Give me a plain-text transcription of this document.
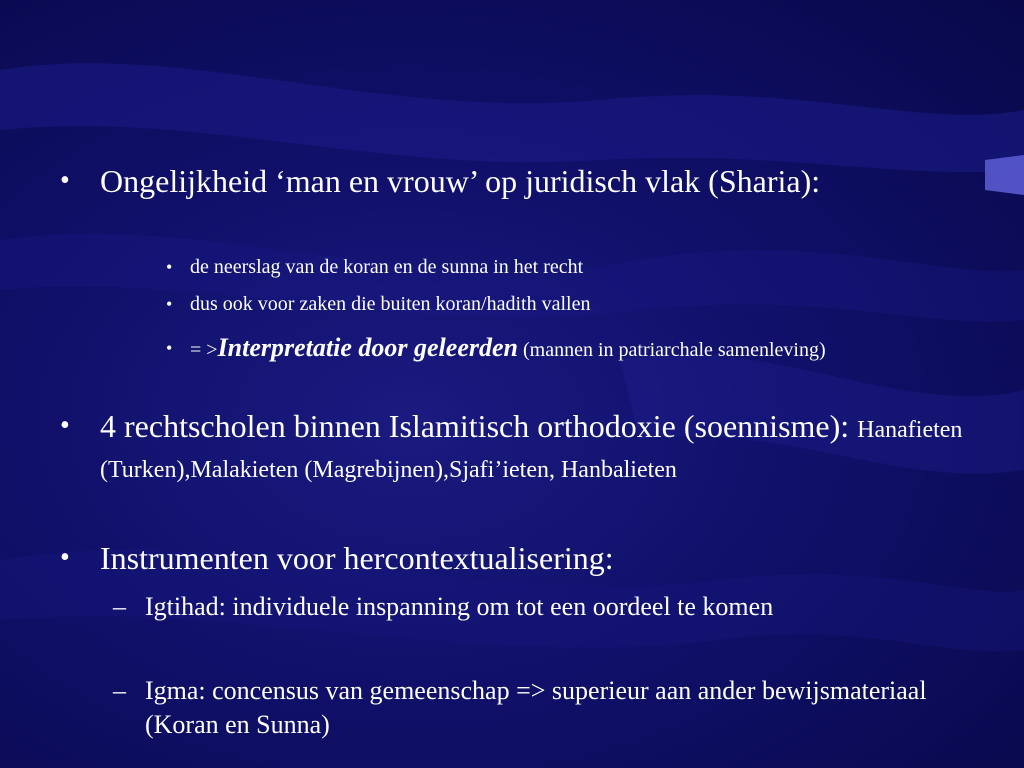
• Ongelijkheid ‘man en vrouw’ op juridisch vlak (Sharia):
• de neerslag van de koran en de sunna in het recht
• dus ook voor zaken die buiten koran/hadith vallen
• = >Interpretatie door geleerden (mannen in patriarchale samenleving)
• 4 rechtscholen binnen Islamitisch orthodoxie (soennisme): Hanafieten (Turken),Malakieten (Magrebijnen),Sjafi’ieten, Hanbalieten
• Instrumenten voor hercontextualisering:
– Igtihad: individuele inspanning om tot een oordeel te komen
– Igma: concensus van gemeenschap => superieur aan ander bewijsmateriaal (Koran en Sunna)
